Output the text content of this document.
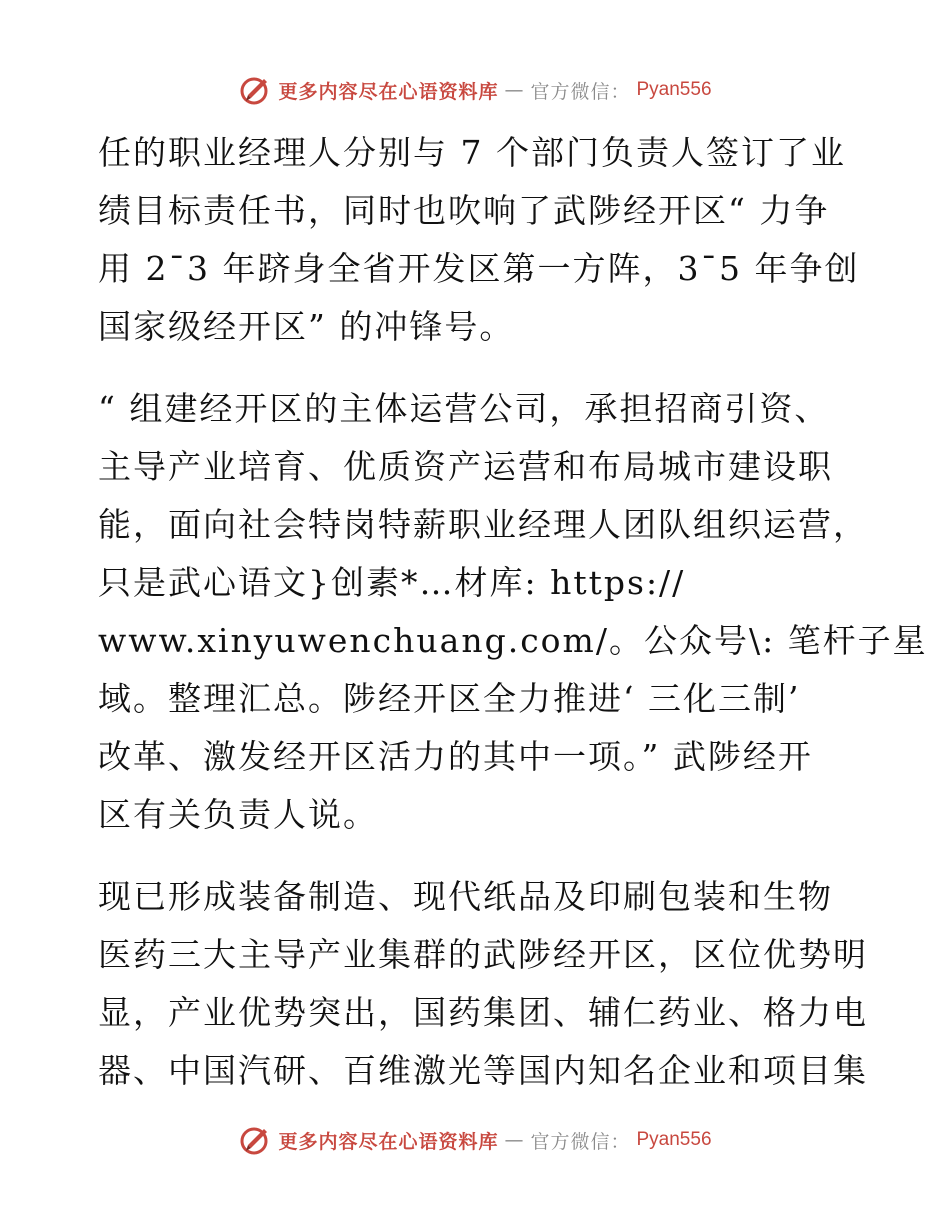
更多内容尽在心语资料库 — 官方微信： Pyan556
任的职业经理人分别与 7 个部门负责人签订了业
绩目标责任书，同时也吹响了武陟经开区“ 力争
用 2¯3 年跻身全省开发区第一方阵，3¯5 年争创
国家级经开区” 的冲锋号。
“ 组建经开区的主体运营公司，承担招商引资、
主导产业培育、优质资产运营和布局城市建设职
能，面向社会特岗特薪职业经理人团队组织运营，
只是武心语文}创素*…材库: https://
www.xinyuwenchuang.com/。公众号\: 笔杆子星
域。整理汇总。陟经开区全力推进‘ 三化三制’
改革、激发经开区活力的其中一项。” 武陟经开
区有关负责人说。
现已形成装备制造、现代纸品及印刷包装和生物
医药三大主导产业集群的武陟经开区，区位优势明
显，产业优势突出，国药集团、辅仁药业、格力电
器、中国汽研、百维激光等国内知名企业和项目集
更多内容尽在心语资料库 — 官方微信： Pyan556
